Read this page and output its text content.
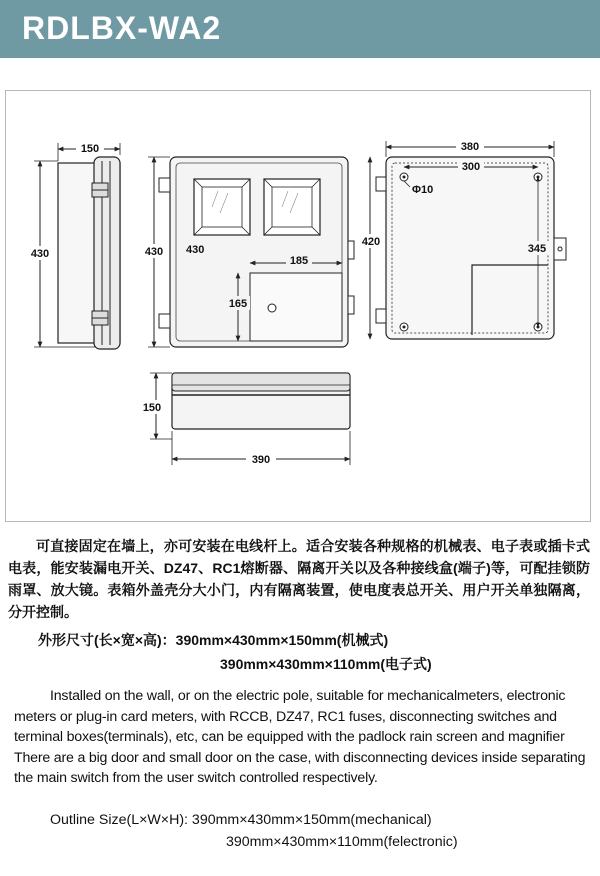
RDLBX-WA2
150
430
185
165
430
430
380
300
Φ10
345
420
150
390

可直接固定在墙上，亦可安装在电线杆上。适合安装各种规格的机械表、电子表或插卡式电表，能安装漏电开关、DZ47、RC1熔断器、隔离开关以及各种接线盒(端子)等，可配挂锁防雨罩、放大镜。表箱外盖壳分大小门，内有隔离装置，使电度表总开关、用户开关单独隔离，分开控制。

外形尺寸(长×宽×高)：390mm×430mm×150mm(机械式)
390mm×430mm×110mm(电子式)

Installed on the wall, or on the electric pole, suitable for mechanicalmeters, electronic meters or plug-in card meters, with RCCB, DZ47, RC1 fuses, disconnecting switches and terminal boxes(terminals), etc, can be equipped with the padlock rain screen and magnifier There are a big door and small door on the case, with disconnecting devices inside separating the main switch from the user switch controlled respectively.

Outline Size(L×W×H): 390mm×430mm×150mm(mechanical)
390mm×430mm×110mm(felectronic)
